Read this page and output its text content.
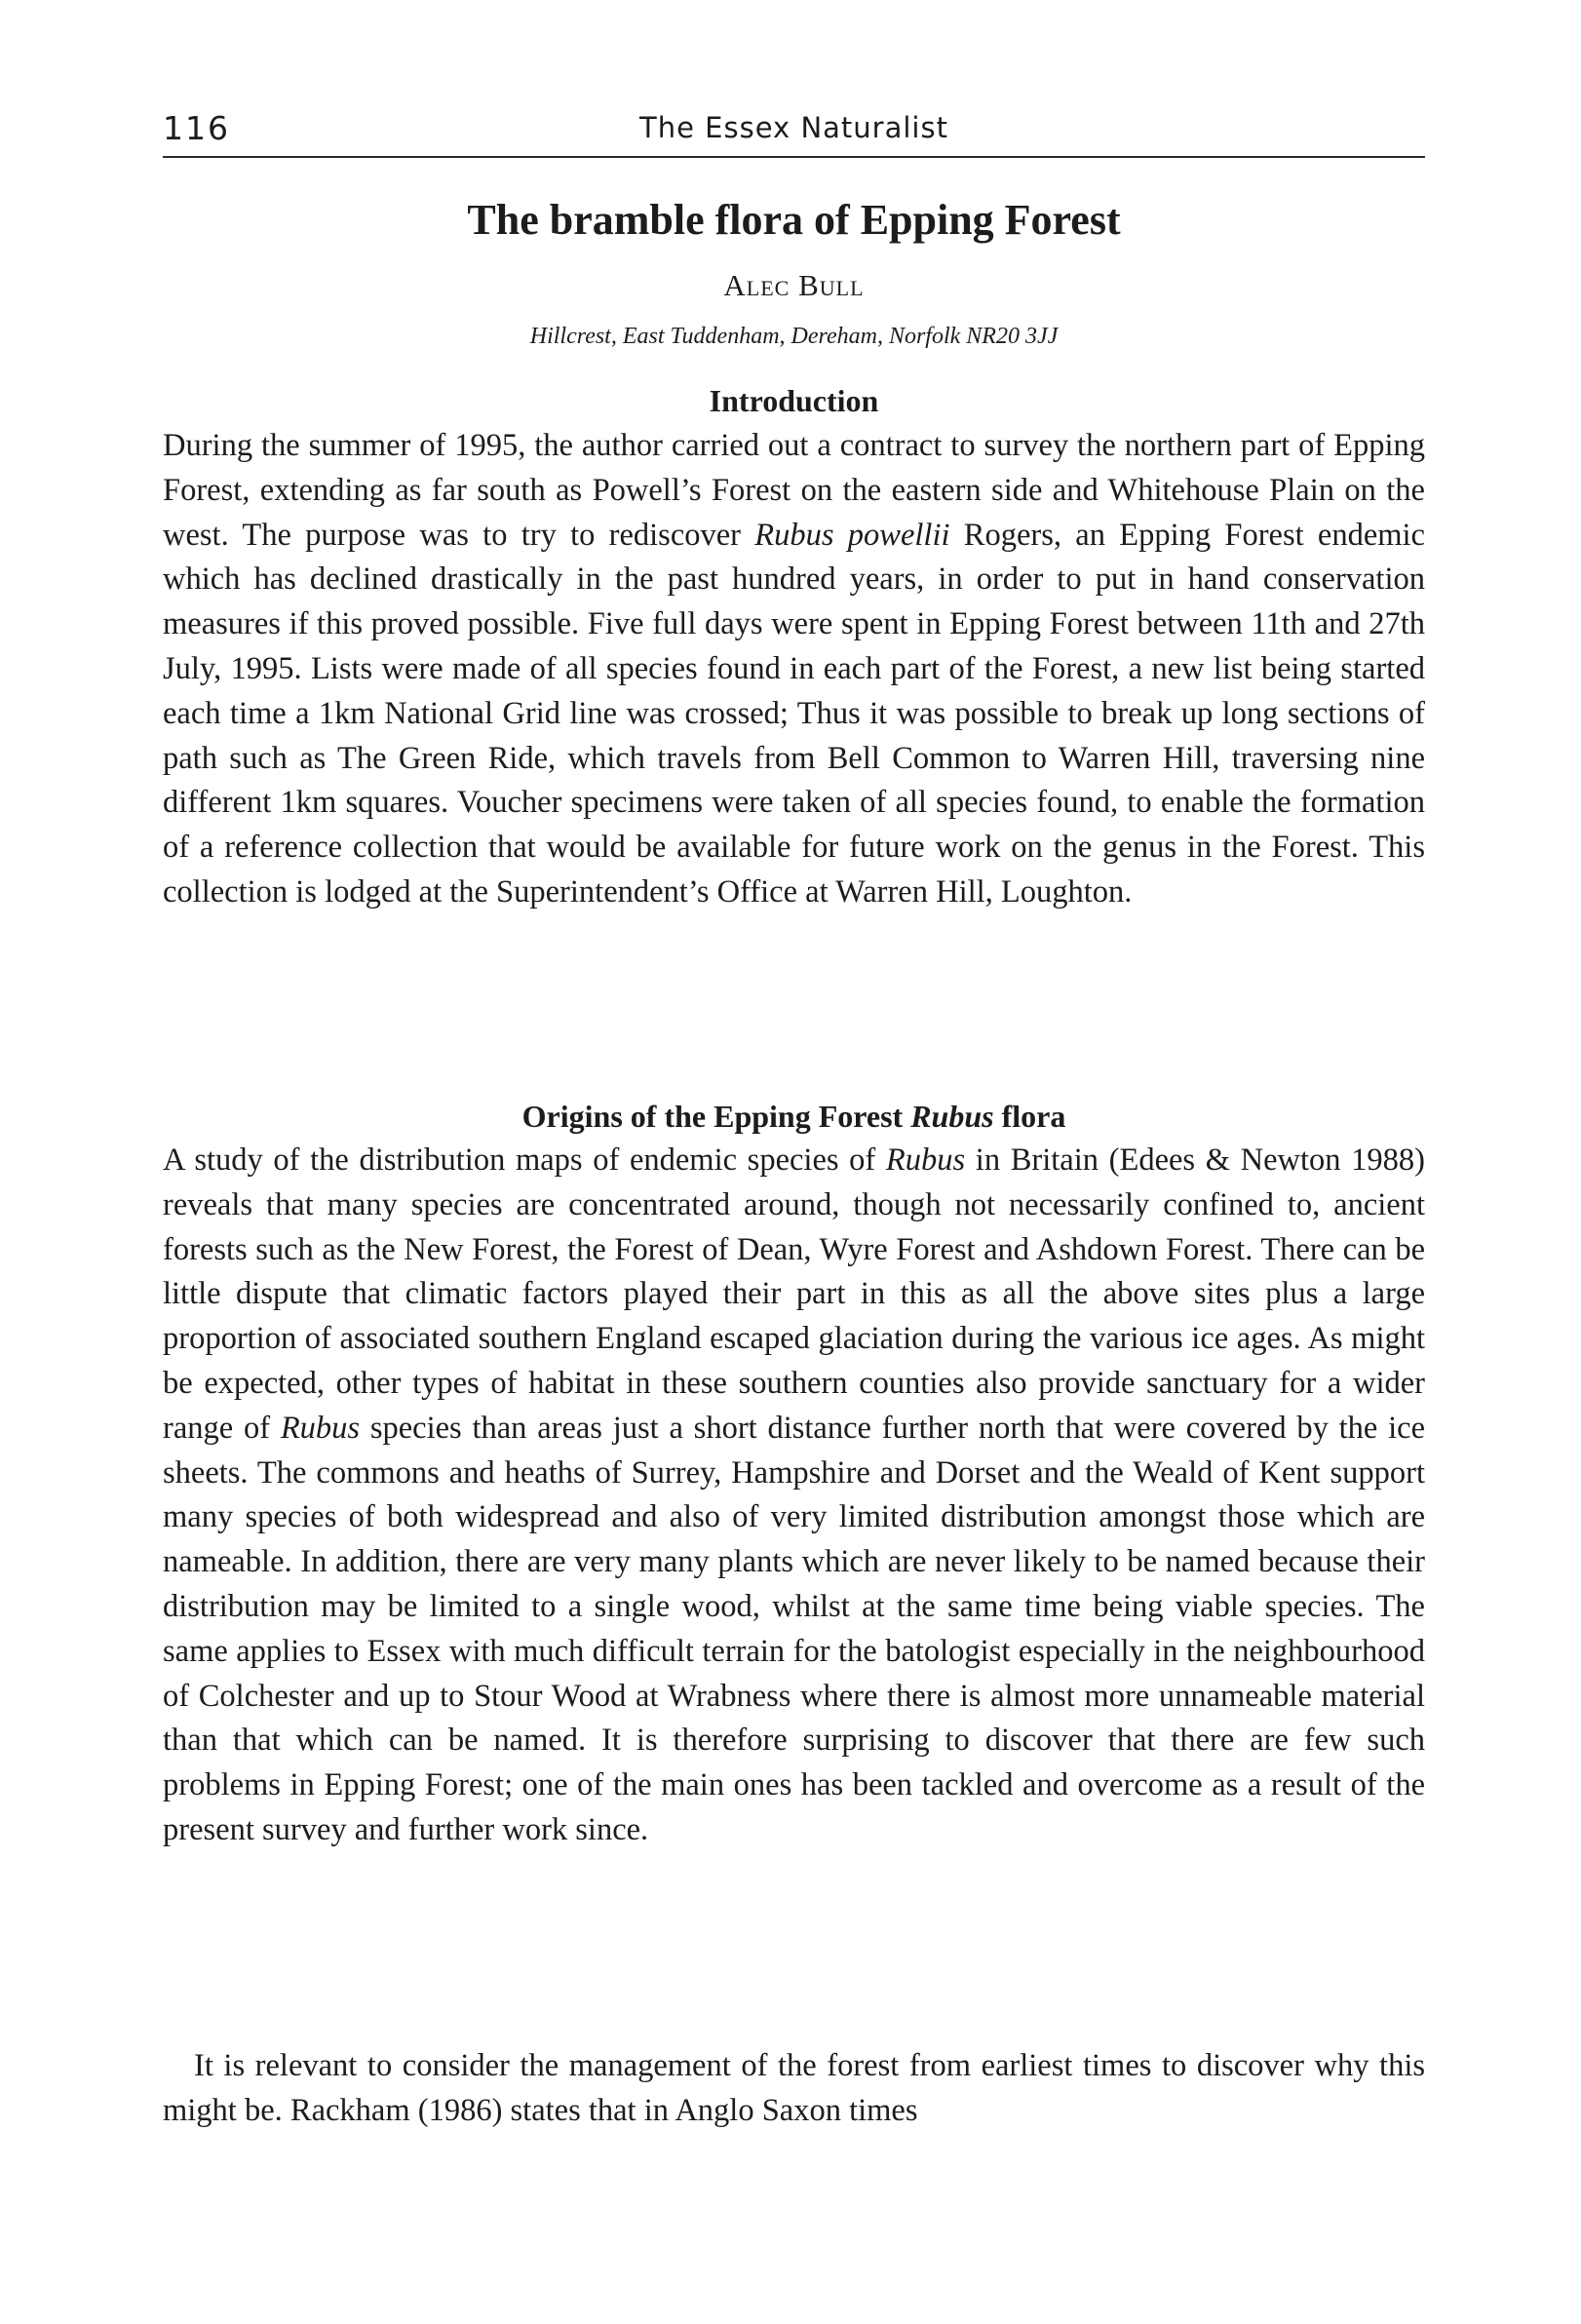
116	The Essex Naturalist
The bramble flora of Epping Forest
Alec Bull
Hillcrest, East Tuddenham, Dereham, Norfolk NR20 3JJ
Introduction

During the summer of 1995, the author carried out a contract to survey the northern part of Epping Forest, extending as far south as Powell’s Forest on the eastern side and Whitehouse Plain on the west. The purpose was to try to rediscover Rubus powellii Rogers, an Epping Forest endemic which has declined drastically in the past hundred years, in order to put in hand conservation measures if this proved possible. Five full days were spent in Epping Forest between 11th and 27th July, 1995. Lists were made of all species found in each part of the Forest, a new list being started each time a 1km National Grid line was crossed; Thus it was possible to break up long sections of path such as The Green Ride, which travels from Bell Common to Warren Hill, traversing nine different 1km squares. Voucher specimens were taken of all species found, to enable the formation of a reference collection that would be available for future work on the genus in the Forest. This collection is lodged at the Superintendent’s Office at Warren Hill, Loughton.

Origins of the Epping Forest Rubus flora

A study of the distribution maps of endemic species of Rubus in Britain (Edees & Newton 1988) reveals that many species are concentrated around, though not necessarily confined to, ancient forests such as the New Forest, the Forest of Dean, Wyre Forest and Ashdown Forest. There can be little dispute that climatic factors played their part in this as all the above sites plus a large proportion of associated southern England escaped glaciation during the various ice ages. As might be expected, other types of habitat in these southern counties also provide sanctuary for a wider range of Rubus species than areas just a short distance further north that were covered by the ice sheets. The commons and heaths of Surrey, Hampshire and Dorset and the Weald of Kent support many species of both widespread and also of very limited distribution amongst those which are nameable. In addition, there are very many plants which are never likely to be named because their distribution may be limited to a single wood, whilst at the same time being viable species. The same applies to Essex with much difficult terrain for the batologist especially in the neighbourhood of Colchester and up to Stour Wood at Wrabness where there is almost more unnameable material than that which can be named. It is therefore surprising to discover that there are few such problems in Epping Forest; one of the main ones has been tackled and overcome as a result of the present survey and further work since.

It is relevant to consider the management of the forest from earliest times to discover why this might be. Rackham (1986) states that in Anglo Saxon times
